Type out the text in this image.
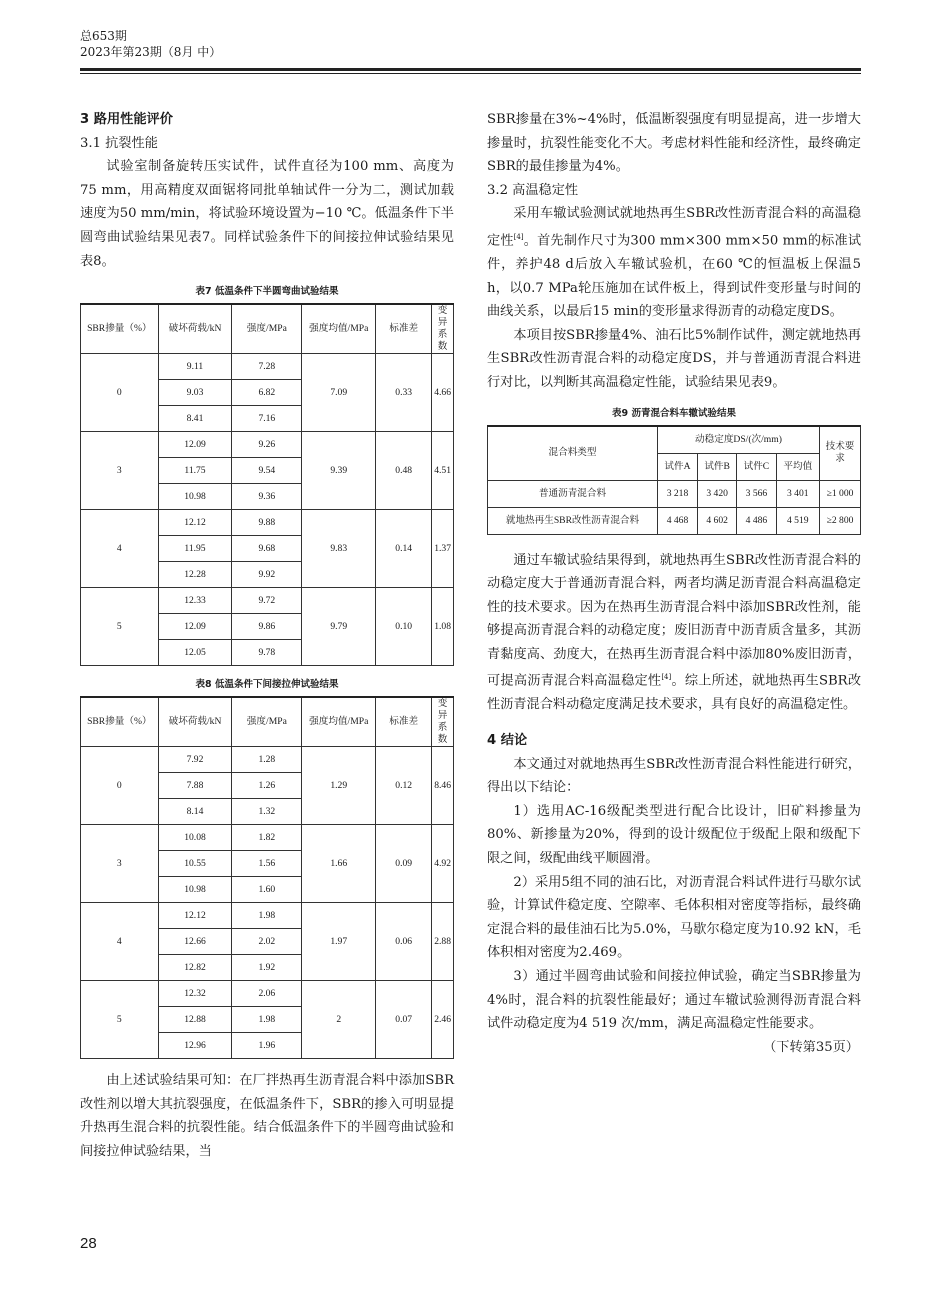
总653期
2023年第23期（8月 中）
3 路用性能评价
3.1 抗裂性能

试验室制备旋转压实试件，试件直径为100 mm、高度为75 mm，用高精度双面锯将同批单轴试件一分为二，测试加载速度为50 mm/min，将试验环境设置为−10 ℃。低温条件下半圆弯曲试验结果见表7。同样试验条件下的间接拉伸试验结果见表8。

表7 低温条件下半圆弯曲试验结果
SBR掺量（%）	破坏荷载/kN	强度/MPa	强度均值/MPa	标准差	变异系数
0	9.11	7.28	7.09	0.33	4.66
	9.03	6.82			
	8.41	7.16			
3	12.09	9.26	9.39	0.48	4.51
	11.75	9.54			
	10.98	9.36			
4	12.12	9.88	9.83	0.14	1.37
	11.95	9.68			
	12.28	9.92			
5	12.33	9.72	9.79	0.10	1.08
	12.09	9.86			
	12.05	9.78			
表8 低温条件下间接拉伸试验结果
SBR掺量（%）	破坏荷载/kN	强度/MPa	强度均值/MPa	标准差	变异系数
0	7.92	1.28	1.29	0.12	8.46
	7.88	1.26			
	8.14	1.32			
3	10.08	1.82	1.66	0.09	4.92
	10.55	1.56			
	10.98	1.60			
4	12.12	1.98	1.97	0.06	2.88
	12.66	2.02			
	12.82	1.92			
5	12.32	2.06	2	0.07	2.46
	12.88	1.98			
	12.96	1.96			

由上述试验结果可知：在厂拌热再生沥青混合料中添加SBR改性剂以增大其抗裂强度，在低温条件下，SBR的掺入可明显提升热再生混合料的抗裂性能。结合低温条件下的半圆弯曲试验和间接拉伸试验结果，当

SBR掺量在3%~4%时，低温断裂强度有明显提高，进一步增大掺量时，抗裂性能变化不大。考虑材料性能和经济性，最终确定SBR的最佳掺量为4%。

3.2 高温稳定性

采用车辙试验测试就地热再生SBR改性沥青混合料的高温稳定性[4]。首先制作尺寸为300 mm×300 mm×50 mm的标准试件，养护48 d后放入车辙试验机，在60 ℃的恒温板上保温5 h，以0.7 MPa轮压施加在试件板上，得到试件变形量与时间的曲线关系，以最后15 min的变形量求得沥青的动稳定度DS。

本项目按SBR掺量4%、油石比5%制作试件，测定就地热再生SBR改性沥青混合料的动稳定度DS，并与普通沥青混合料进行对比，以判断其高温稳定性能，试验结果见表9。

表9 沥青混合料车辙试验结果
混合料类型	动稳定度DS/(次/mm)				技术要求
	试件A	试件B	试件C	平均值	
普通沥青混合料	3 218	3 420	3 566	3 401	≥1 000
就地热再生SBR改性沥青混合料	4 468	4 602	4 486	4 519	≥2 800

通过车辙试验结果得到，就地热再生SBR改性沥青混合料的动稳定度大于普通沥青混合料，两者均满足沥青混合料高温稳定性的技术要求。因为在热再生沥青混合料中添加SBR改性剂，能够提高沥青混合料的动稳定度；废旧沥青中沥青质含量多，其沥青黏度高、劲度大，在热再生沥青混合料中添加80%废旧沥青，可提高沥青混合料高温稳定性[4]。综上所述，就地热再生SBR改性沥青混合料动稳定度满足技术要求，具有良好的高温稳定性。

4 结论

本文通过对就地热再生SBR改性沥青混合料性能进行研究，得出以下结论：

1）选用AC-16级配类型进行配合比设计，旧矿料掺量为80%、新掺量为20%，得到的设计级配位于级配上限和级配下限之间，级配曲线平顺圆滑。

2）采用5组不同的油石比，对沥青混合料试件进行马歇尔试验，计算试件稳定度、空隙率、毛体积相对密度等指标，最终确定混合料的最佳油石比为5.0%，马歇尔稳定度为10.92 kN，毛体积相对密度为2.469。

3）通过半圆弯曲试验和间接拉伸试验，确定当SBR掺量为4%时，混合料的抗裂性能最好；通过车辙试验测得沥青混合料试件动稳定度为4 519 次/mm，满足高温稳定性能要求。

（下转第35页）

28
